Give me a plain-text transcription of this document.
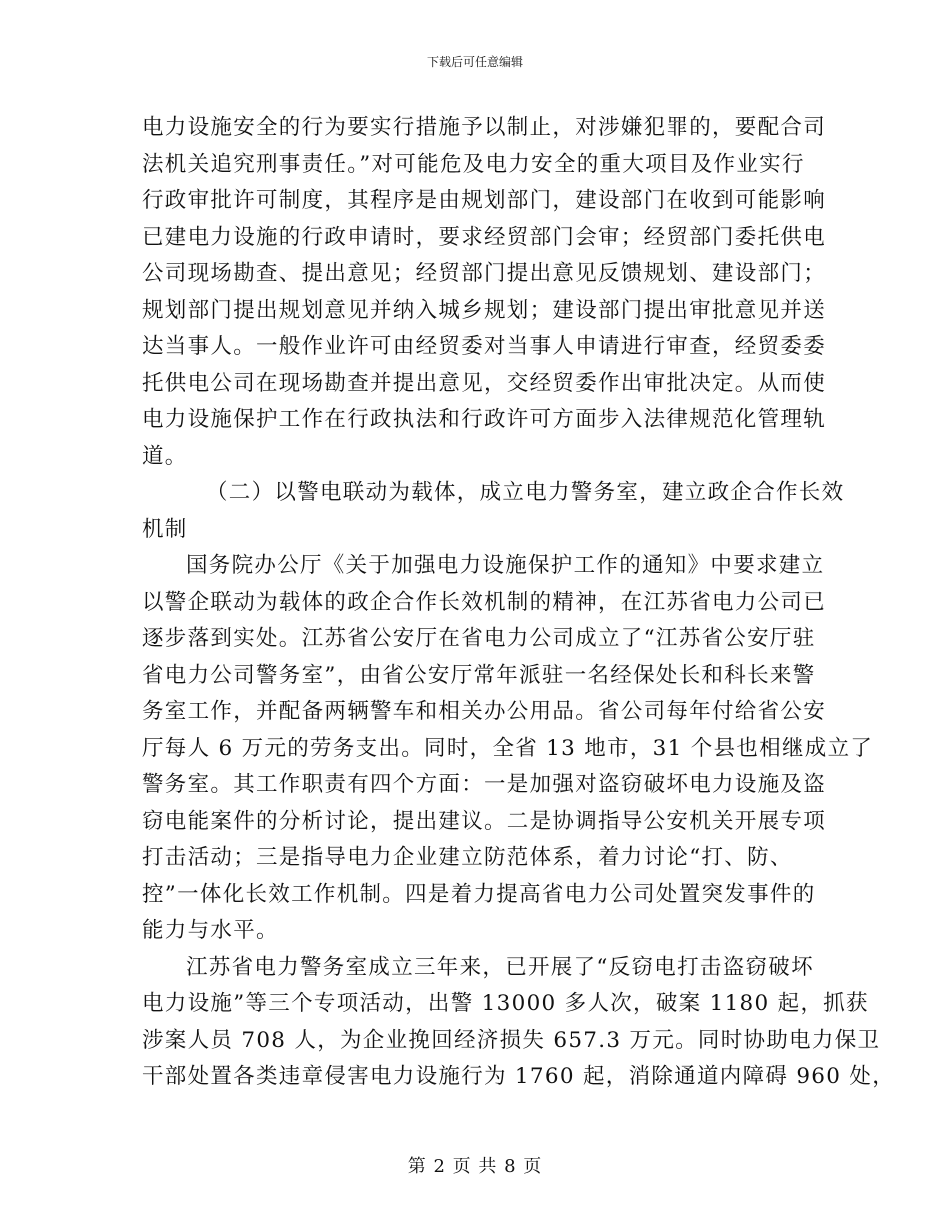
下载后可任意编辑
电力设施安全的行为要实行措施予以制止，对涉嫌犯罪的，要配合司
法机关追究刑事责任。”对可能危及电力安全的重大项目及作业实行
行政审批许可制度，其程序是由规划部门，建设部门在收到可能影响
已建电力设施的行政申请时，要求经贸部门会审；经贸部门委托供电
公司现场勘查、提出意见；经贸部门提出意见反馈规划、建设部门；
规划部门提出规划意见并纳入城乡规划；建设部门提出审批意见并送
达当事人。一般作业许可由经贸委对当事人申请进行审查，经贸委委
托供电公司在现场勘查并提出意见，交经贸委作出审批决定。从而使
电力设施保护工作在行政执法和行政许可方面步入法律规范化管理轨
道。
（二）以警电联动为载体，成立电力警务室，建立政企合作长效
机制
国务院办公厅《关于加强电力设施保护工作的通知》中要求建立
以警企联动为载体的政企合作长效机制的精神，在江苏省电力公司已
逐步落到实处。江苏省公安厅在省电力公司成立了“江苏省公安厅驻
省电力公司警务室”，由省公安厅常年派驻一名经保处长和科长来警
务室工作，并配备两辆警车和相关办公用品。省公司每年付给省公安
厅每人 6 万元的劳务支出。同时，全省 13 地市，31 个县也相继成立了
警务室。其工作职责有四个方面：一是加强对盗窃破坏电力设施及盗
窃电能案件的分析讨论，提出建议。二是协调指导公安机关开展专项
打击活动；三是指导电力企业建立防范体系，着力讨论“打、防、
控”一体化长效工作机制。四是着力提高省电力公司处置突发事件的
能力与水平。
江苏省电力警务室成立三年来，已开展了“反窃电打击盗窃破坏
电力设施”等三个专项活动，出警 13000 多人次，破案 1180 起，抓获
涉案人员 708 人，为企业挽回经济损失 657.3 万元。同时协助电力保卫
干部处置各类违章侵害电力设施行为 1760 起，消除通道内障碍 960 处，
第 2 页 共 8 页
